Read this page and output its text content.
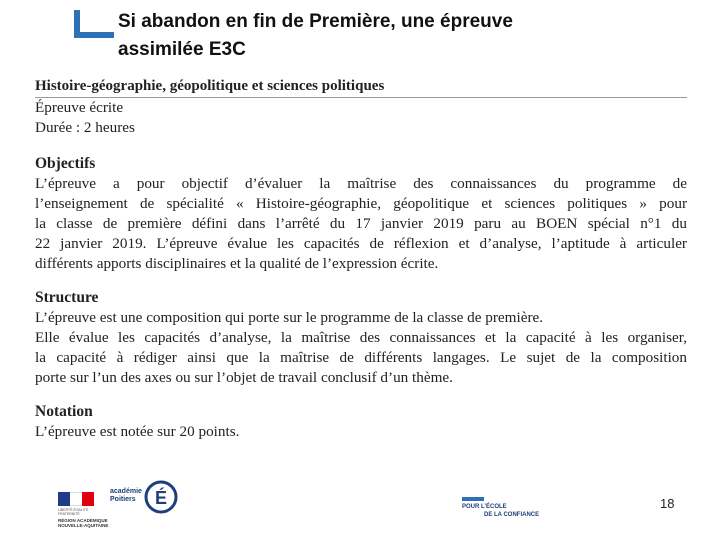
Si abandon en fin de Première, une épreuve
assimilée E3C
Histoire-géographie, géopolitique et sciences politiques
Épreuve écrite
Durée : 2 heures
Objectifs
L’épreuve a pour objectif d’évaluer la maîtrise des connaissances du programme de
l’enseignement de spécialité « Histoire-géographie, géopolitique et sciences politiques » pour
la classe de première défini dans l’arrêté du 17 janvier 2019 paru au BOEN spécial n°1 du
22 janvier 2019. L’épreuve évalue les capacités de réflexion et d’analyse, l’aptitude à articuler
différents apports disciplinaires et la qualité de l’expression écrite.
Structure
L’épreuve est une composition qui porte sur le programme de la classe de première.
Elle évalue les capacités d’analyse, la maîtrise des connaissances et la capacité à les organiser,
la capacité à rédiger ainsi que la maîtrise de différents langages. Le sujet de la composition
porte sur l’un des axes ou sur l’objet de travail conclusif d’un thème.
Notation
L’épreuve est notée sur 20 points.
LIBERTÉ ÉGALITÉ FRATERNITÉ
RÉGION ACADÉMIQUE
NOUVELLE-AQUITAINE
académie
Poitiers	É	POUR L’ÉCOLE
DE LA CONFIANCE
18
